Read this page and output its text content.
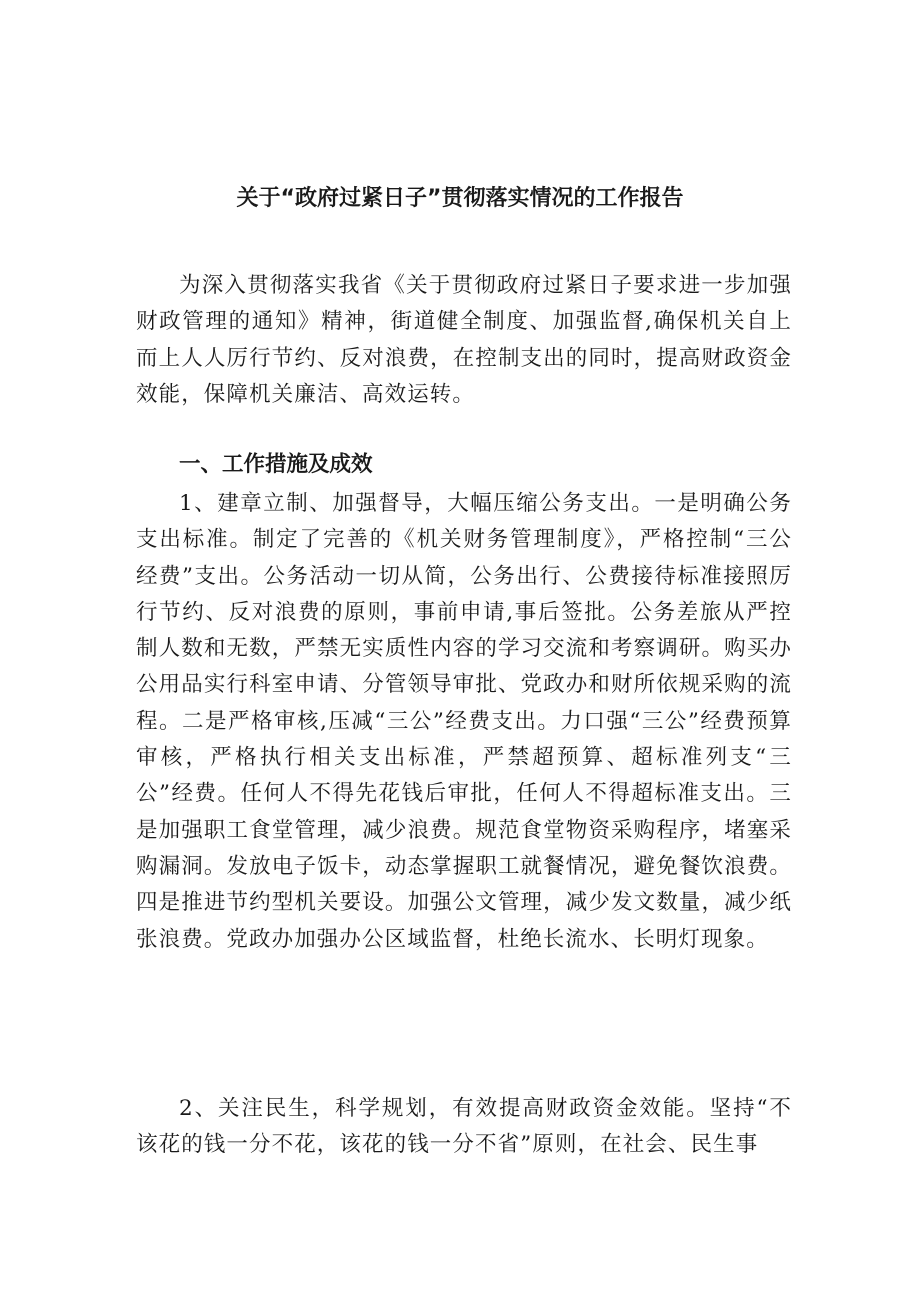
关于“政府过紧日子”贯彻落实情况的工作报告

为深入贯彻落实我省《关于贯彻政府过紧日子要求进一步加强财政管理的通知》精神，街道健全制度、加强监督,确保机关自上而上人人厉行节约、反对浪费，在控制支出的同时，提高财政资金效能，保障机关廉洁、高效运转。

一、工作措施及成效

1、建章立制、加强督导，大幅压缩公务支出。一是明确公务支出标准。制定了完善的《机关财务管理制度》，严格控制“三公经费”支出。公务活动一切从简，公务出行、公费接待标准接照厉行节约、反对浪费的原则，事前申请,事后签批。公务差旅从严控制人数和无数，严禁无实质性内容的学习交流和考察调研。购买办公用品实行科室申请、分管领导审批、党政办和财所依规采购的流程。二是严格审核,压减“三公”经费支出。力口强“三公”经费预算审核，严格执行相关支出标准，严禁超预算、超标准列支“三公”经费。任何人不得先花钱后审批，任何人不得超标准支出。三是加强职工食堂管理，减少浪费。规范食堂物资采购程序，堵塞采购漏洞。发放电子饭卡，动态掌握职工就餐情况，避免餐饮浪费。四是推进节约型机关要设。加强公文管理，减少发文数量，减少纸张浪费。党政办加强办公区域监督，杜绝长流水、长明灯现象。

2、关注民生，科学规划，有效提高财政资金效能。坚持“不该花的钱一分不花，该花的钱一分不省”原则，在社会、民生事
